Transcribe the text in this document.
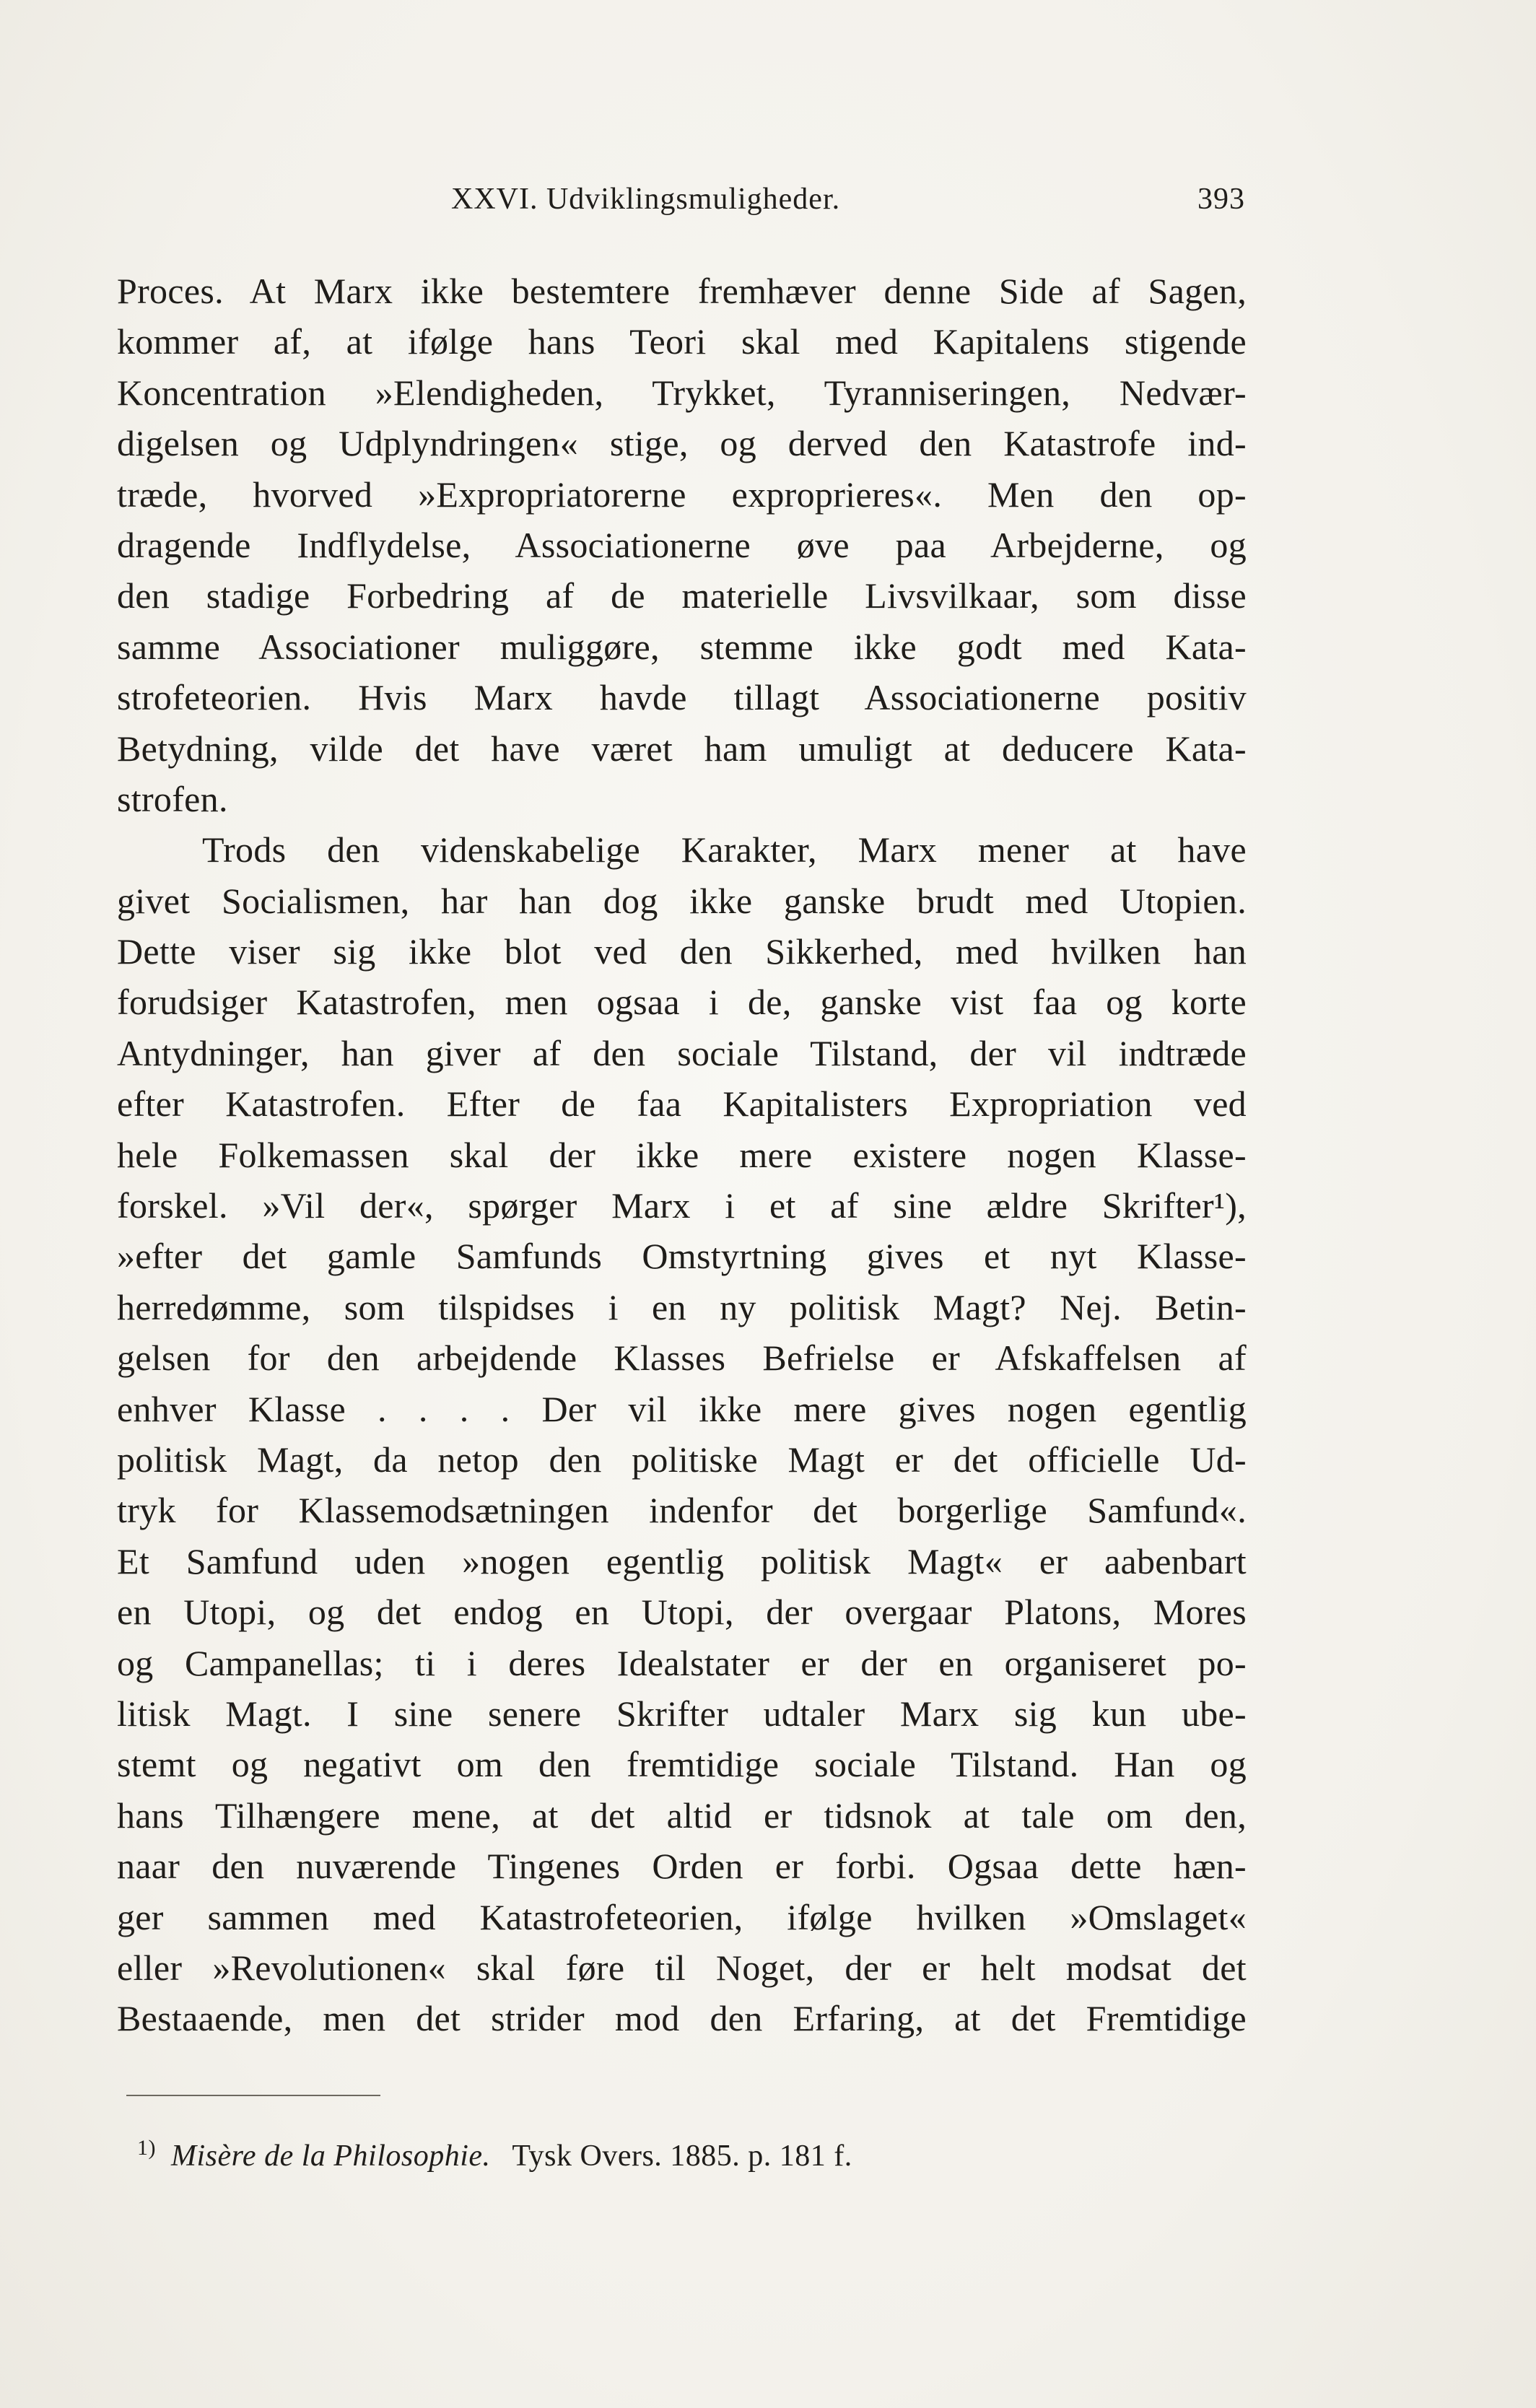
XXVI. Udviklingsmuligheder.	393
Proces. At Marx ikke bestemtere fremhæver denne Side af Sagen,
kommer af, at ifølge hans Teori skal med Kapitalens stigende
Koncentration »Elendigheden, Trykket, Tyranniseringen, Nedvær-
digelsen og Udplyndringen« stige, og derved den Katastrofe ind-
træde, hvorved »Expropriatorerne exproprieres«. Men den op-
dragende Indflydelse, Associationerne øve paa Arbejderne, og
den stadige Forbedring af de materielle Livsvilkaar, som disse
samme Associationer muliggøre, stemme ikke godt med Kata-
strofeteorien. Hvis Marx havde tillagt Associationerne positiv
Betydning, vilde det have været ham umuligt at deducere Kata-
strofen.
Trods den videnskabelige Karakter, Marx mener at have
givet Socialismen, har han dog ikke ganske brudt med Utopien.
Dette viser sig ikke blot ved den Sikkerhed, med hvilken han
forudsiger Katastrofen, men ogsaa i de, ganske vist faa og korte
Antydninger, han giver af den sociale Tilstand, der vil indtræde
efter Katastrofen. Efter de faa Kapitalisters Expropriation ved
hele Folkemassen skal der ikke mere existere nogen Klasse-
forskel. »Vil der«, spørger Marx i et af sine ældre Skrifter¹),
»efter det gamle Samfunds Omstyrtning gives et nyt Klasse-
herredømme, som tilspidses i en ny politisk Magt? Nej. Betin-
gelsen for den arbejdende Klasses Befrielse er Afskaffelsen af
enhver Klasse . . . . Der vil ikke mere gives nogen egentlig
politisk Magt, da netop den politiske Magt er det officielle Ud-
tryk for Klassemodsætningen indenfor det borgerlige Samfund«.
Et Samfund uden »nogen egentlig politisk Magt« er aabenbart
en Utopi, og det endog en Utopi, der overgaar Platons, Mores
og Campanellas; ti i deres Idealstater er der en organiseret po-
litisk Magt. I sine senere Skrifter udtaler Marx sig kun ube-
stemt og negativt om den fremtidige sociale Tilstand. Han og
hans Tilhængere mene, at det altid er tidsnok at tale om den,
naar den nuværende Tingenes Orden er forbi. Ogsaa dette hæn-
ger sammen med Katastrofeteorien, ifølge hvilken »Omslaget«
eller »Revolutionen« skal føre til Noget, der er helt modsat det
Bestaaende, men det strider mod den Erfaring, at det Fremtidige
$^{1)}$ Misère de la Philosophie. Tysk Overs. 1885. p. 181 f.
